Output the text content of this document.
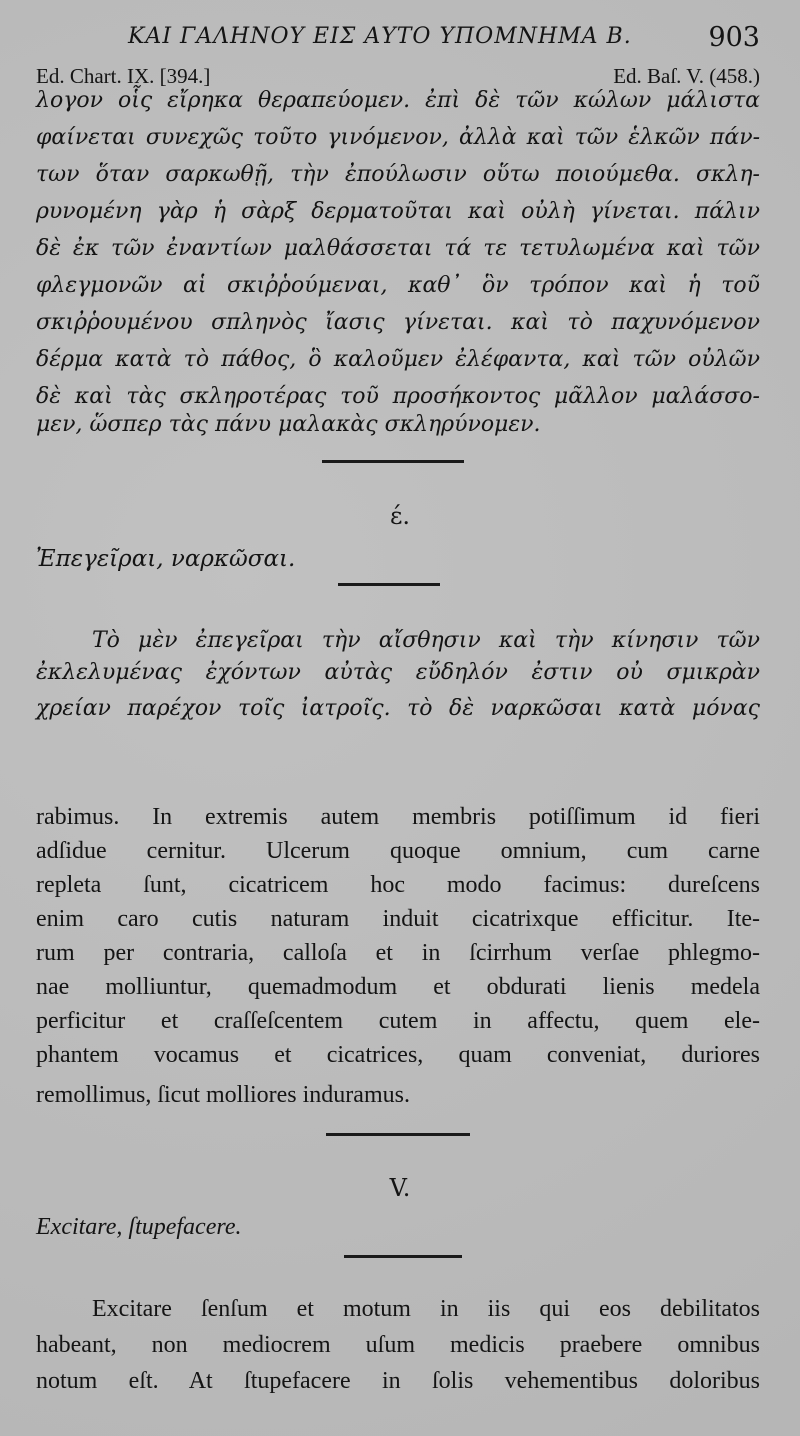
ΚΑΙ ΓΑΛΗΝΟΥ ΕΙΣ ΑΥΤΟ ΥΠΟΜΝΗΜΑ Β.	903
Ed. Chart. IX. [394.]	Ed. Baſ. V. (458.)
λογον οἷς εἴρηκα θεραπεύομεν. ἐπὶ δὲ τῶν κώλων μάλιστα
φαίνεται συνεχῶς τοῦτο γινόμενον, ἀλλὰ καὶ τῶν ἑλκῶν πάν-
των ὅταν σαρκωθῇ, τὴν ἐπούλωσιν οὕτω ποιούμεθα. σκλη-
ρυνομένη γὰρ ἡ σὰρξ δερματοῦται καὶ οὐλὴ γίνεται. πάλιν
δὲ ἐκ τῶν ἐναντίων μαλθάσσεται τά τε τετυλωμένα καὶ τῶν
φλεγμονῶν αἱ σκιῤῥούμεναι, καθ᾽ ὃν τρόπον καὶ ἡ τοῦ
σκιῤῥουμένου σπληνὸς ἴασις γίνεται. καὶ τὸ παχυνόμενον
δέρμα κατὰ τὸ πάθος, ὃ καλοῦμεν ἐλέφαντα, καὶ τῶν οὐλῶν
δὲ καὶ τὰς σκληροτέρας τοῦ προσήκοντος μᾶλλον μαλάσσο-
μεν, ὥσπερ τὰς πάνυ μαλακὰς σκληρύνομεν.
έ.
Ἐπεγεῖραι, ναρκῶσαι.
Τὸ μὲν ἐπεγεῖραι τὴν αἴσθησιν καὶ τὴν κίνησιν τῶν
ἐκλελυμένας ἐχόντων αὐτὰς εὔδηλόν ἐστιν οὐ σμικρὰν
χρείαν παρέχον τοῖς ἰατροῖς. τὸ δὲ ναρκῶσαι κατὰ μόνας
rabimus. In extremis autem membris potiſſimum id fieri
adſidue cernitur. Ulcerum quoque omnium, cum carne
repleta ſunt, cicatricem hoc modo facimus: dureſcens
enim caro cutis naturam induit cicatrixque efficitur. Ite-
rum per contraria, calloſa et in ſcirrhum verſae phlegmo-
nae molliuntur, quemadmodum et obdurati lienis medela
perficitur et craſſeſcentem cutem in affectu, quem ele-
phantem vocamus et cicatrices, quam conveniat, duriores
remollimus, ſicut molliores induramus.
V.
Excitare, ſtupefacere.
Excitare ſenſum et motum in iis qui eos debilitatos
habeant, non mediocrem uſum medicis praebere omnibus
notum eſt. At ſtupefacere in ſolis vehementibus doloribus
